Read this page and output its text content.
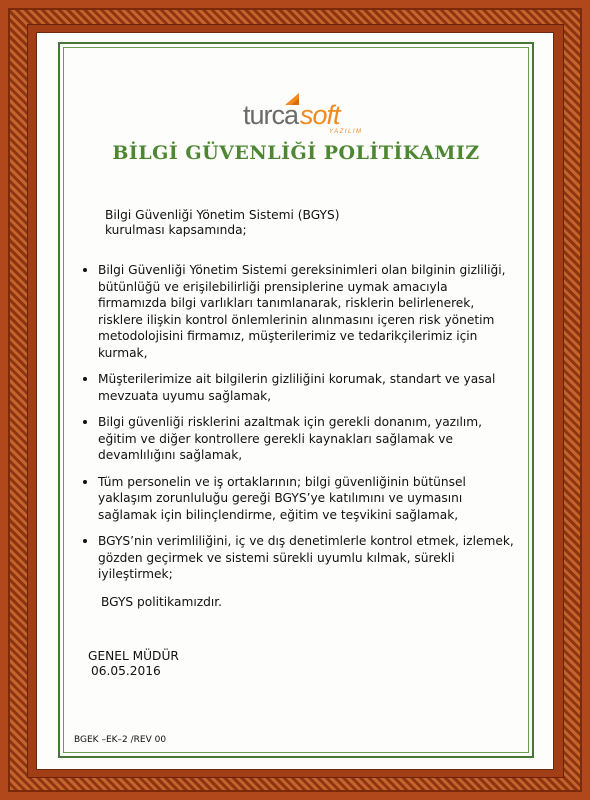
turca soft
YAZILIM
BİLGİ GÜVENLİĞİ POLİTİKAMIZ
Bilgi Güvenliği Yönetim Sistemi (BGYS)
kurulması kapsamında;
Bilgi Güvenliği Yönetim Sistemi gereksinimleri olan bilginin gizliliği, bütünlüğü ve erişilebilirliği prensiplerine uymak amacıyla firmamızda bilgi varlıkları tanımlanarak, risklerin belirlenerek, risklere ilişkin kontrol önlemlerinin alınmasını içeren risk yönetim metodolojisini firmamız, müşterilerimiz ve tedarikçilerimiz için kurmak,
Müşterilerimize ait bilgilerin gizliliğini korumak, standart ve yasal mevzuata uyumu sağlamak,
Bilgi güvenliği risklerini azaltmak için gerekli donanım, yazılım, eğitim ve diğer kontrollere gerekli kaynakları sağlamak ve devamlılığını sağlamak,
Tüm personelin ve iş ortaklarının; bilgi güvenliğinin bütünsel yaklaşım zorunluluğu gereği BGYS’ye katılımını ve uymasını sağlamak için bilinçlendirme, eğitim ve teşvikini sağlamak,
BGYS’nin verimliliğini, iç ve dış denetimlerle kontrol etmek, izlemek, gözden geçirmek ve sistemi sürekli uyumlu kılmak, sürekli iyileştirmek;
BGYS politikamızdır.
GENEL MÜDÜR
06.05.2016
BGEK –EK–2 /REV 00
